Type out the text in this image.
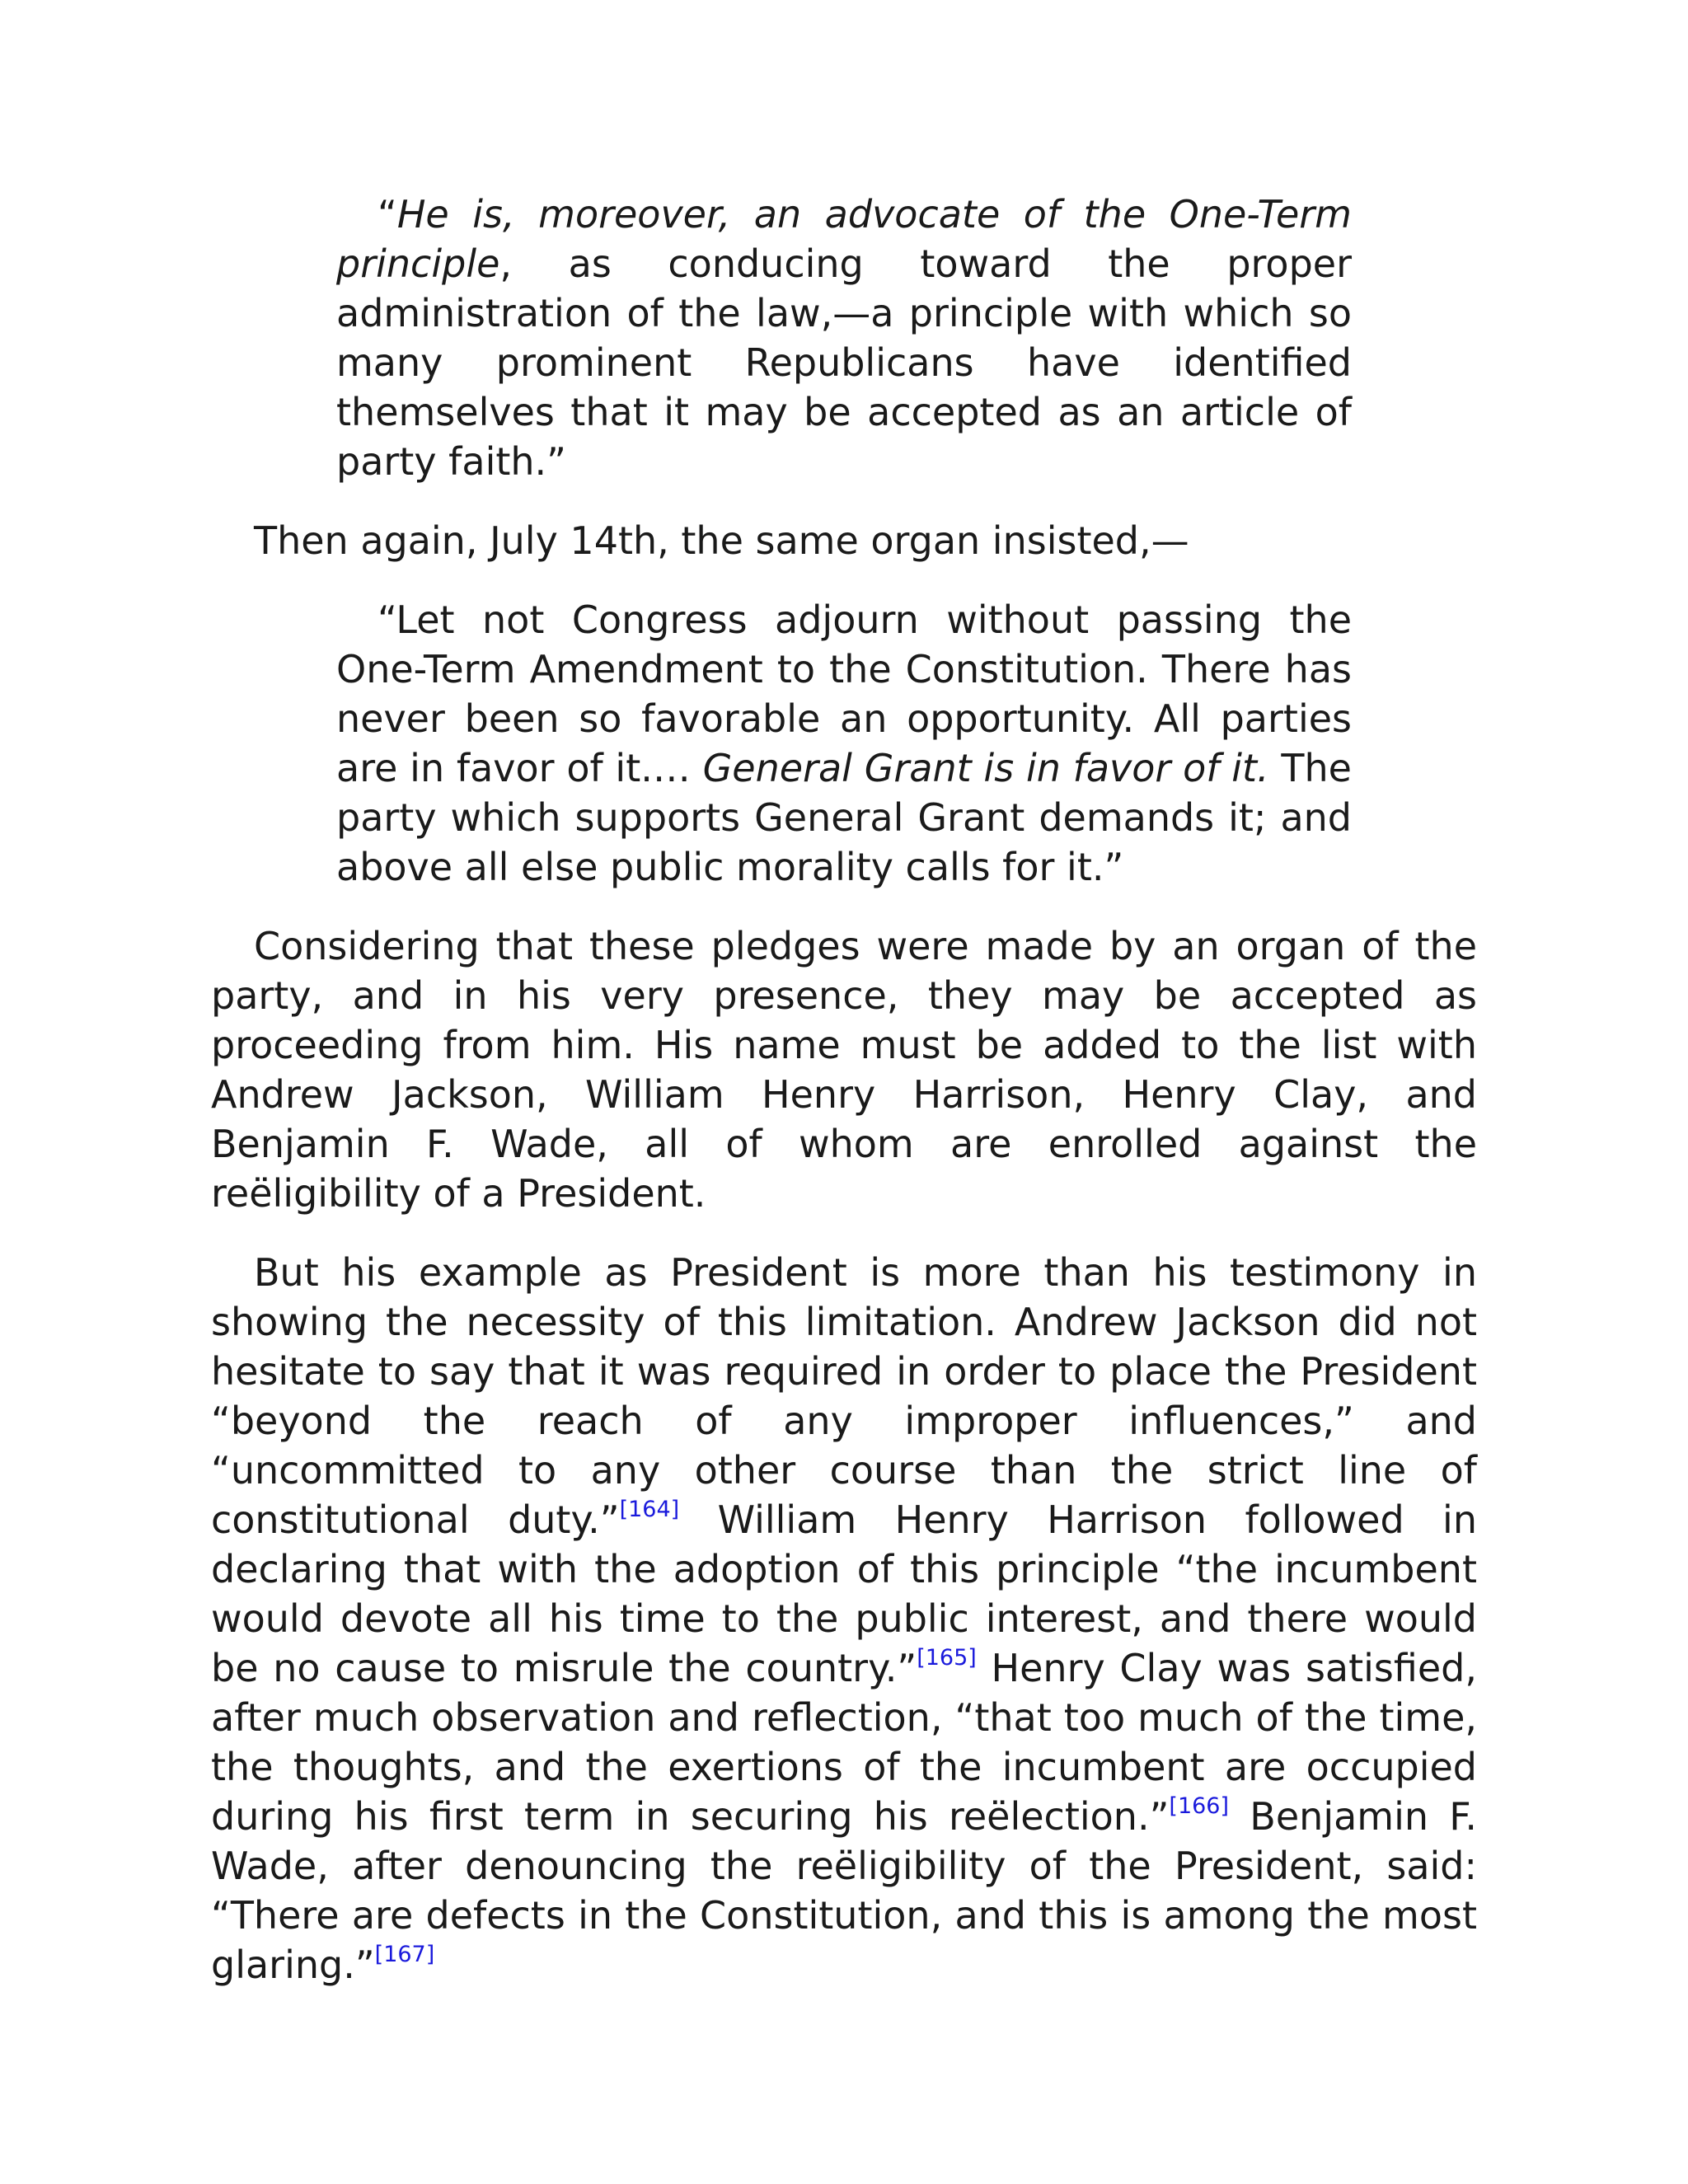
“He is, moreover, an advocate of the One-Term principle, as conducing toward the proper administration of the law,—a principle with which so many prominent Republicans have identified themselves that it may be accepted as an article of party faith.”

Then again, July 14th, the same organ insisted,—

“Let not Congress adjourn without passing the One-Term Amendment to the Constitution. There has never been so favorable an opportunity. All parties are in favor of it.… General Grant is in favor of it. The party which supports General Grant demands it; and above all else public morality calls for it.”

Considering that these pledges were made by an organ of the party, and in his very presence, they may be accepted as proceeding from him. His name must be added to the list with Andrew Jackson, William Henry Harrison, Henry Clay, and Benjamin F. Wade, all of whom are enrolled against the reëligibility of a President.

But his example as President is more than his testimony in showing the necessity of this limitation. Andrew Jackson did not hesitate to say that it was required in order to place the President “beyond the reach of any improper influences,” and “uncommitted to any other course than the strict line of constitutional duty.”[164] William Henry Harrison followed in declaring that with the adoption of this principle “the incumbent would devote all his time to the public interest, and there would be no cause to misrule the country.”[165] Henry Clay was satisfied, after much observation and reflection, “that too much of the time, the thoughts, and the exertions of the incumbent are occupied during his first term in securing his reëlection.”[166] Benjamin F. Wade, after denouncing the reëligibility of the President, said: “There are defects in the Constitution, and this is among the most glaring.”[167]
